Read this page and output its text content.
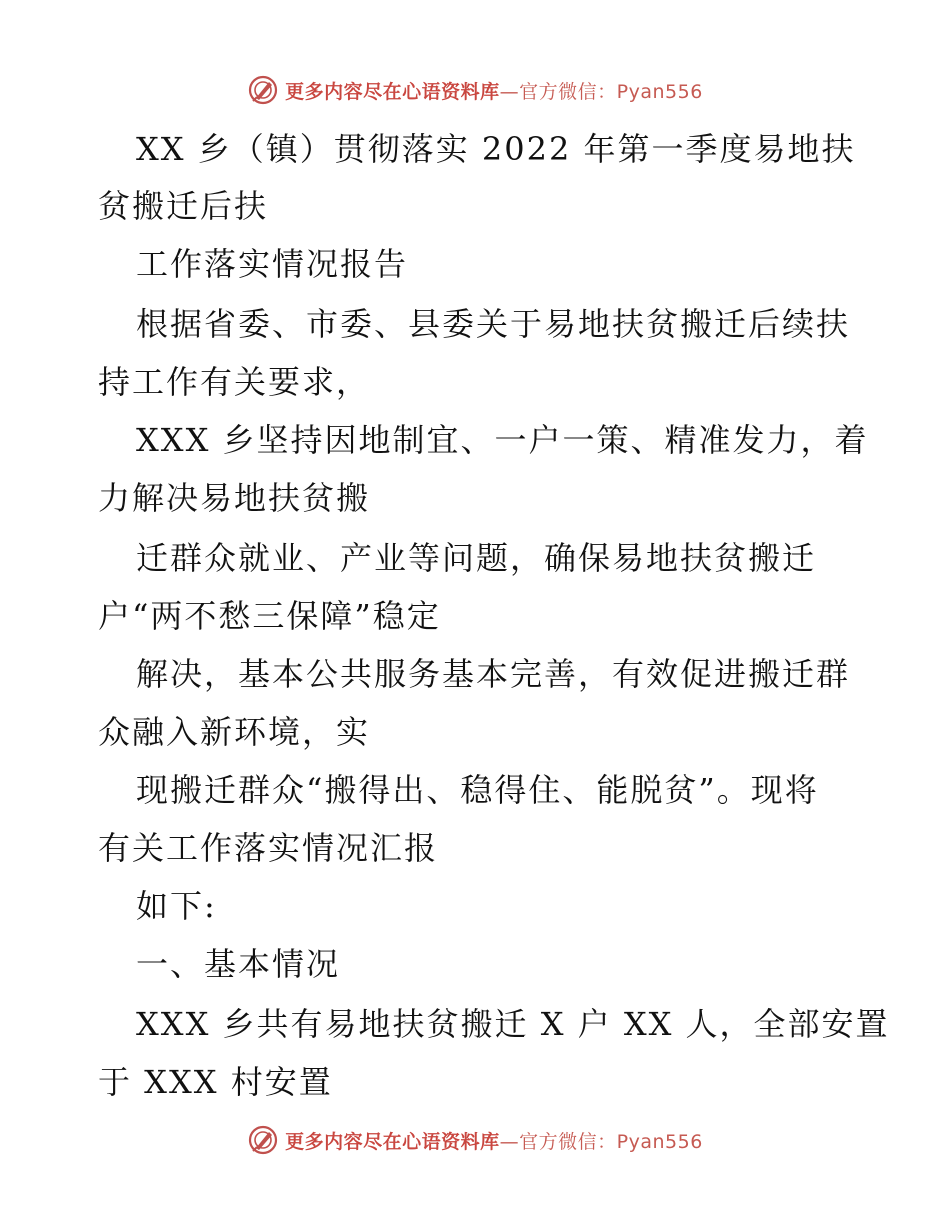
更多内容尽在心语资料库—官方微信：Pyan556
XX 乡（镇）贯彻落实 2022 年第一季度易地扶
贫搬迁后扶
工作落实情况报告
根据省委、市委、县委关于易地扶贫搬迁后续扶
持工作有关要求，
XXX 乡坚持因地制宜、一户一策、精准发力，着
力解决易地扶贫搬
迁群众就业、产业等问题，确保易地扶贫搬迁
户“两不愁三保障”稳定
解决，基本公共服务基本完善，有效促进搬迁群
众融入新环境，实
现搬迁群众“搬得出、稳得住、能脱贫”。现将
有关工作落实情况汇报
如下:
一、基本情况
XXX 乡共有易地扶贫搬迁 X 户 XX 人，全部安置
于 XXX 村安置
更多内容尽在心语资料库—官方微信：Pyan556
